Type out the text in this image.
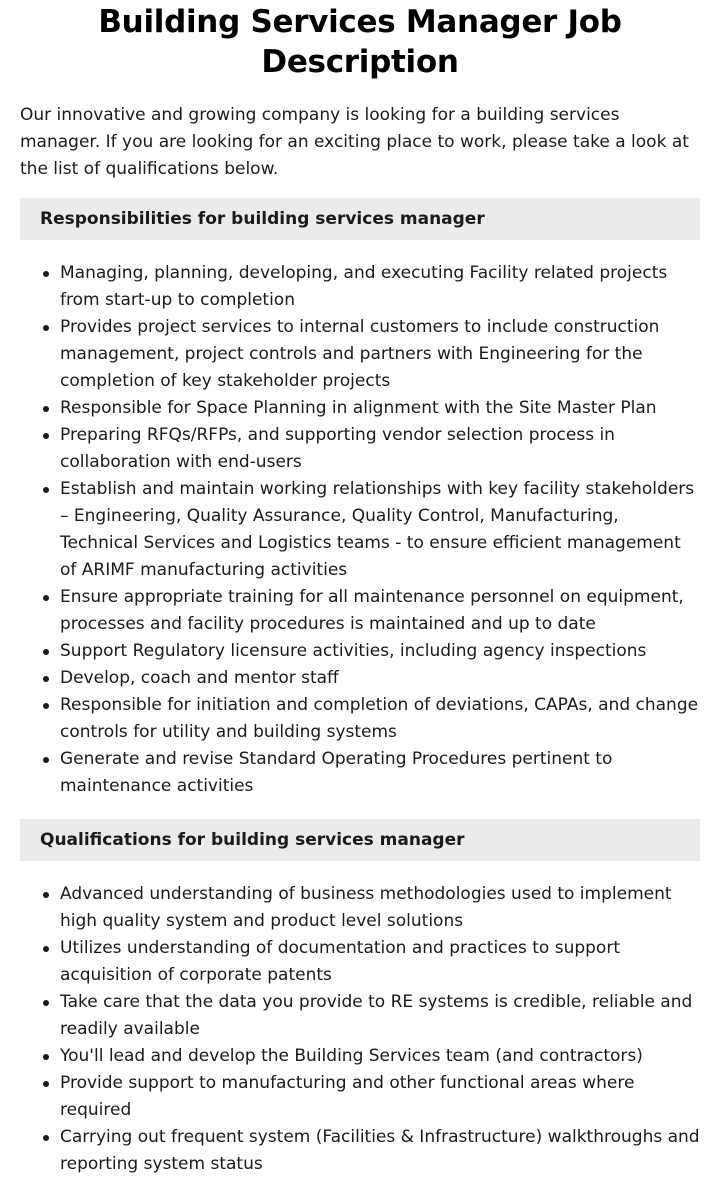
Building Services Manager Job Description

Our innovative and growing company is looking for a building services manager. If you are looking for an exciting place to work, please take a look at the list of qualifications below.

Responsibilities for building services manager
Managing, planning, developing, and executing Facility related projects from start-up to completion
Provides project services to internal customers to include construction management, project controls and partners with Engineering for the completion of key stakeholder projects
Responsible for Space Planning in alignment with the Site Master Plan
Preparing RFQs/RFPs, and supporting vendor selection process in collaboration with end-users
Establish and maintain working relationships with key facility stakeholders – Engineering, Quality Assurance, Quality Control, Manufacturing, Technical Services and Logistics teams - to ensure efficient management of ARIMF manufacturing activities
Ensure appropriate training for all maintenance personnel on equipment, processes and facility procedures is maintained and up to date
Support Regulatory licensure activities, including agency inspections
Develop, coach and mentor staff
Responsible for initiation and completion of deviations, CAPAs, and change controls for utility and building systems
Generate and revise Standard Operating Procedures pertinent to maintenance activities
Qualifications for building services manager
Advanced understanding of business methodologies used to implement high quality system and product level solutions
Utilizes understanding of documentation and practices to support acquisition of corporate patents
Take care that the data you provide to RE systems is credible, reliable and readily available
You'll lead and develop the Building Services team (and contractors)
Provide support to manufacturing and other functional areas where required
Carrying out frequent system (Facilities & Infrastructure) walkthroughs and reporting system status
